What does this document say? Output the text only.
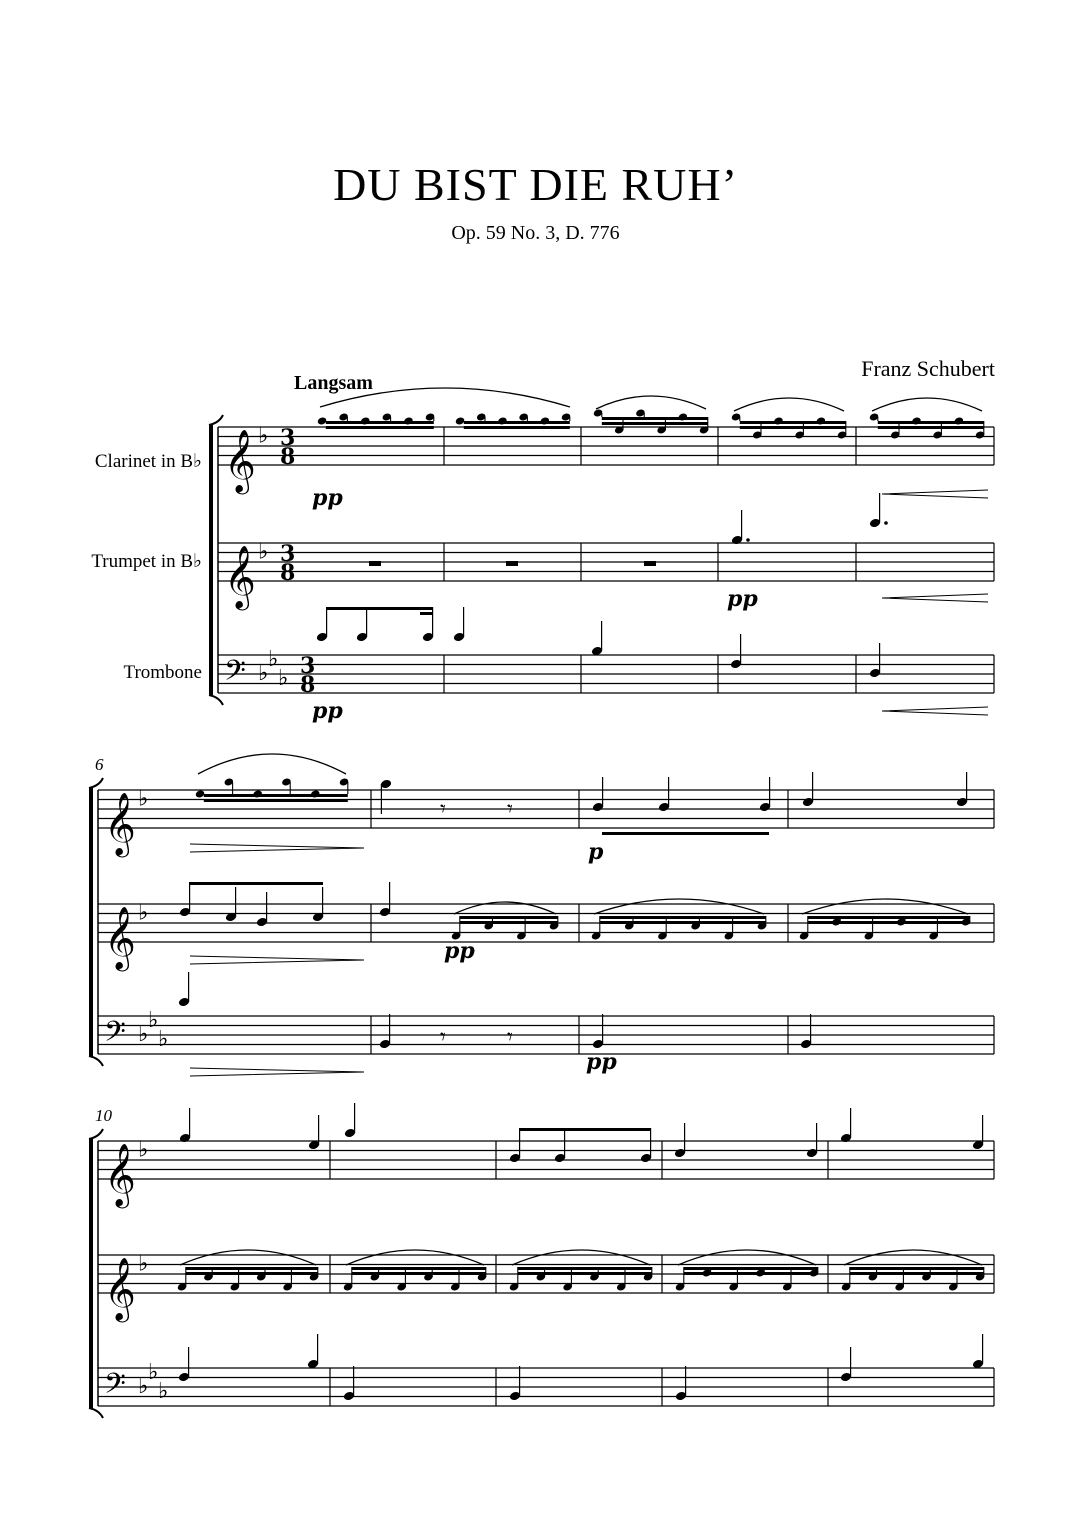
DU BIST DIE RUH’
Op. 59 No. 3, D. 776
Franz Schubert
Langsam
Clarinet in B♭
Trumpet in B♭
Trombone
𝄞 ♭ 3
8
𝄞 ♭ 3
8
𝄢 ♭
♭
♭ 3
8
𝄞 ♭
𝄞 ♭
𝄢 ♭
♭
♭
𝄞 ♭
𝄞 ♭
𝄢 ♭
♭
♭
𝄾	𝄾
𝄾	𝄾
pp
pp
pp
p
pp
pp
6
10
